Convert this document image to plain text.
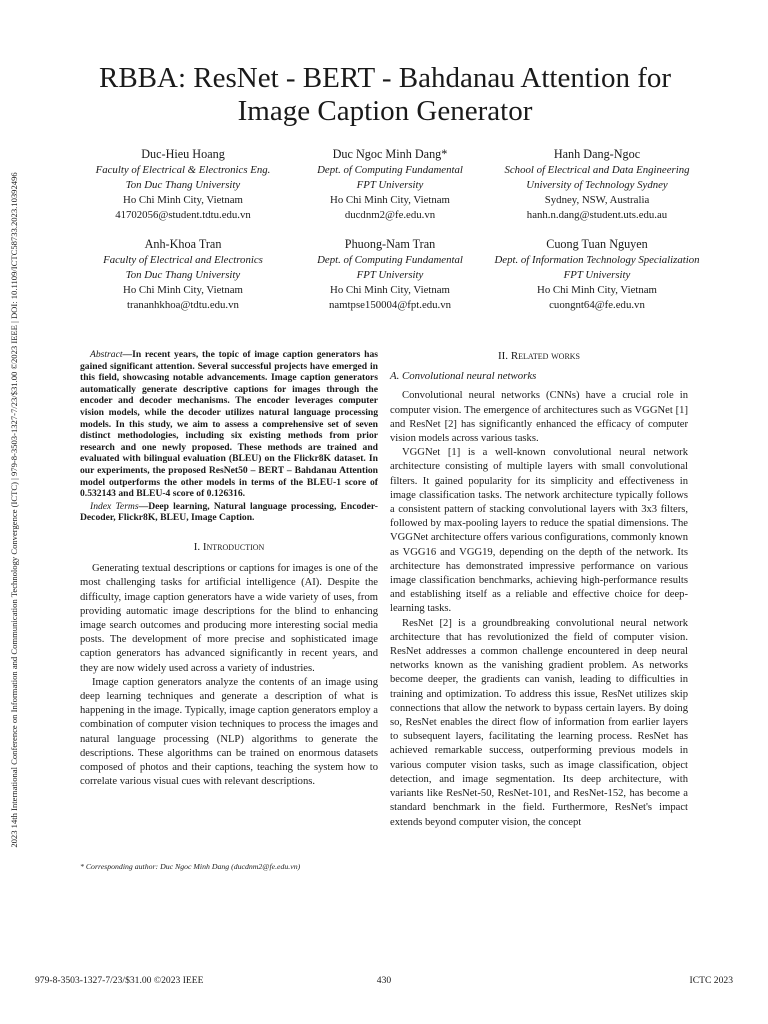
2023 14th International Conference on Information and Communication Technology Convergence (ICTC) | 979-8-3503-1327-7/23/$31.00 ©2023 IEEE | DOI: 10.1109/ICTC58733.2023.10392496
RBBA: ResNet - BERT - Bahdanau Attention for Image Caption Generator
Duc-Hieu Hoang
Faculty of Electrical & Electronics Eng.
Ton Duc Thang University
Ho Chi Minh City, Vietnam
41702056@student.tdtu.edu.vn
Duc Ngoc Minh Dang*
Dept. of Computing Fundamental
FPT University
Ho Chi Minh City, Vietnam
ducdnm2@fe.edu.vn
Hanh Dang-Ngoc
School of Electrical and Data Engineering
University of Technology Sydney
Sydney, NSW, Australia
hanh.n.dang@student.uts.edu.au
Anh-Khoa Tran
Faculty of Electrical and Electronics
Ton Duc Thang University
Ho Chi Minh City, Vietnam
trananhkhoa@tdtu.edu.vn
Phuong-Nam Tran
Dept. of Computing Fundamental
FPT University
Ho Chi Minh City, Vietnam
namtpse150004@fpt.edu.vn
Cuong Tuan Nguyen
Dept. of Information Technology Specialization
FPT University
Ho Chi Minh City, Vietnam
cuongnt64@fe.edu.vn

Abstract—In recent years, the topic of image caption generators has gained significant attention. Several successful projects have emerged in this field, showcasing notable advancements. Image caption generators automatically generate descriptive captions for images through the encoder and decoder mechanisms. The encoder leverages computer vision models, while the decoder utilizes natural language processing models. In this study, we aim to assess a comprehensive set of seven distinct methodologies, including six existing methods from prior research and one newly proposed. These methods are trained and evaluated with bilingual evaluation (BLEU) on the Flickr8K dataset. In our experiments, the proposed ResNet50 – BERT – Bahdanau Attention model outperforms the other models in terms of the BLEU-1 score of 0.532143 and BLEU-4 score of 0.126316.

Index Terms—Deep learning, Natural language processing, Encoder-Decoder, Flickr8K, BLEU, Image Caption.

I. Introduction

Generating textual descriptions or captions for images is one of the most challenging tasks for artificial intelligence (AI). Despite the difficulty, image caption generators have a wide variety of uses, from providing automatic image descriptions for the blind to enhancing image search outcomes and producing more interesting social media posts. The development of more precise and sophisticated image caption generators has advanced significantly in recent years, and they are now widely used across a variety of industries.

Image caption generators analyze the contents of an image using deep learning techniques and generate a description of what is happening in the image. Typically, image caption generators employ a combination of computer vision techniques to process the images and natural language processing (NLP) algorithms to generate the descriptions. These algorithms can be trained on enormous datasets composed of photos and their captions, teaching the system how to correlate various visual cues with relevant descriptions.

* Corresponding author: Duc Ngoc Minh Dang (ducdnm2@fe.edu.vn)

II. Related works

A. Convolutional neural networks

Convolutional neural networks (CNNs) have a crucial role in computer vision. The emergence of architectures such as VGGNet [1] and ResNet [2] has significantly enhanced the efficacy of computer vision models across various tasks.

VGGNet [1] is a well-known convolutional neural network architecture consisting of multiple layers with small convolutional filters. It gained popularity for its simplicity and effectiveness in image classification tasks. The network architecture typically follows a consistent pattern of stacking convolutional layers with 3x3 filters, followed by max-pooling layers to reduce the spatial dimensions. The VGGNet architecture offers various configurations, commonly known as VGG16 and VGG19, depending on the depth of the network. Its architecture has demonstrated impressive performance on various image classification benchmarks, achieving high-performance results and establishing itself as a reliable and effective choice for deep-learning tasks.

ResNet [2] is a groundbreaking convolutional neural network architecture that has revolutionized the field of computer vision. ResNet addresses a common challenge encountered in deep neural networks known as the vanishing gradient problem. As networks become deeper, the gradients can vanish, leading to difficulties in training and optimization. To address this issue, ResNet utilizes skip connections that allow the network to bypass certain layers. By doing so, ResNet enables the direct flow of information from earlier layers to subsequent layers, facilitating the learning process. ResNet has achieved remarkable success, outperforming previous models in various computer vision tasks, such as image classification, object detection, and image segmentation. Its deep architecture, with variants like ResNet-50, ResNet-101, and ResNet-152, has become a standard benchmark in the field. Furthermore, ResNet's impact extends beyond computer vision, the concept

979-8-3503-1327-7/23/$31.00 ©2023 IEEE	430	ICTC 2023
